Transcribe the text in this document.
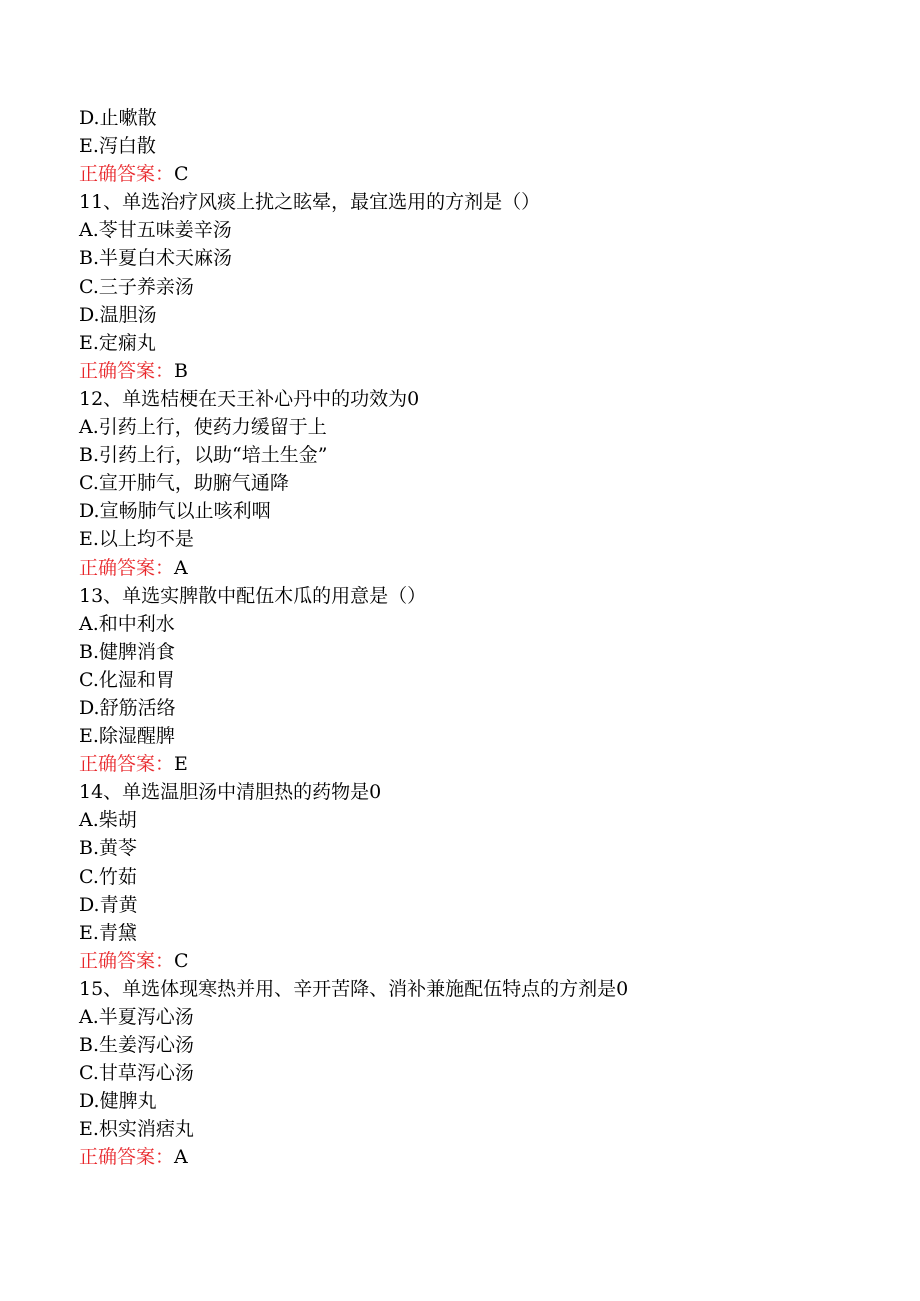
D.止嗽散
E.泻白散
正确答案：C
11、单选治疗风痰上扰之眩晕，最宜选用的方剂是（）
A.苓甘五味姜辛汤
B.半夏白术天麻汤
C.三子养亲汤
D.温胆汤
E.定痫丸
正确答案：B
12、单选桔梗在天王补心丹中的功效为0
A.引药上行，使药力缓留于上
B.引药上行，以助“培土生金”
C.宣开肺气，助腑气通降
D.宣畅肺气以止咳利咽
E.以上均不是
正确答案：A
13、单选实脾散中配伍木瓜的用意是（）
A.和中利水
B.健脾消食
C.化湿和胃
D.舒筋活络
E.除湿醒脾
正确答案：E
14、单选温胆汤中清胆热的药物是0
A.柴胡
B.黄苓
C.竹茹
D.青黄
E.青黛
正确答案：C
15、单选体现寒热并用、辛开苦降、消补兼施配伍特点的方剂是0
A.半夏泻心汤
B.生姜泻心汤
C.甘草泻心汤
D.健脾丸
E.枳实消痞丸
正确答案：A
